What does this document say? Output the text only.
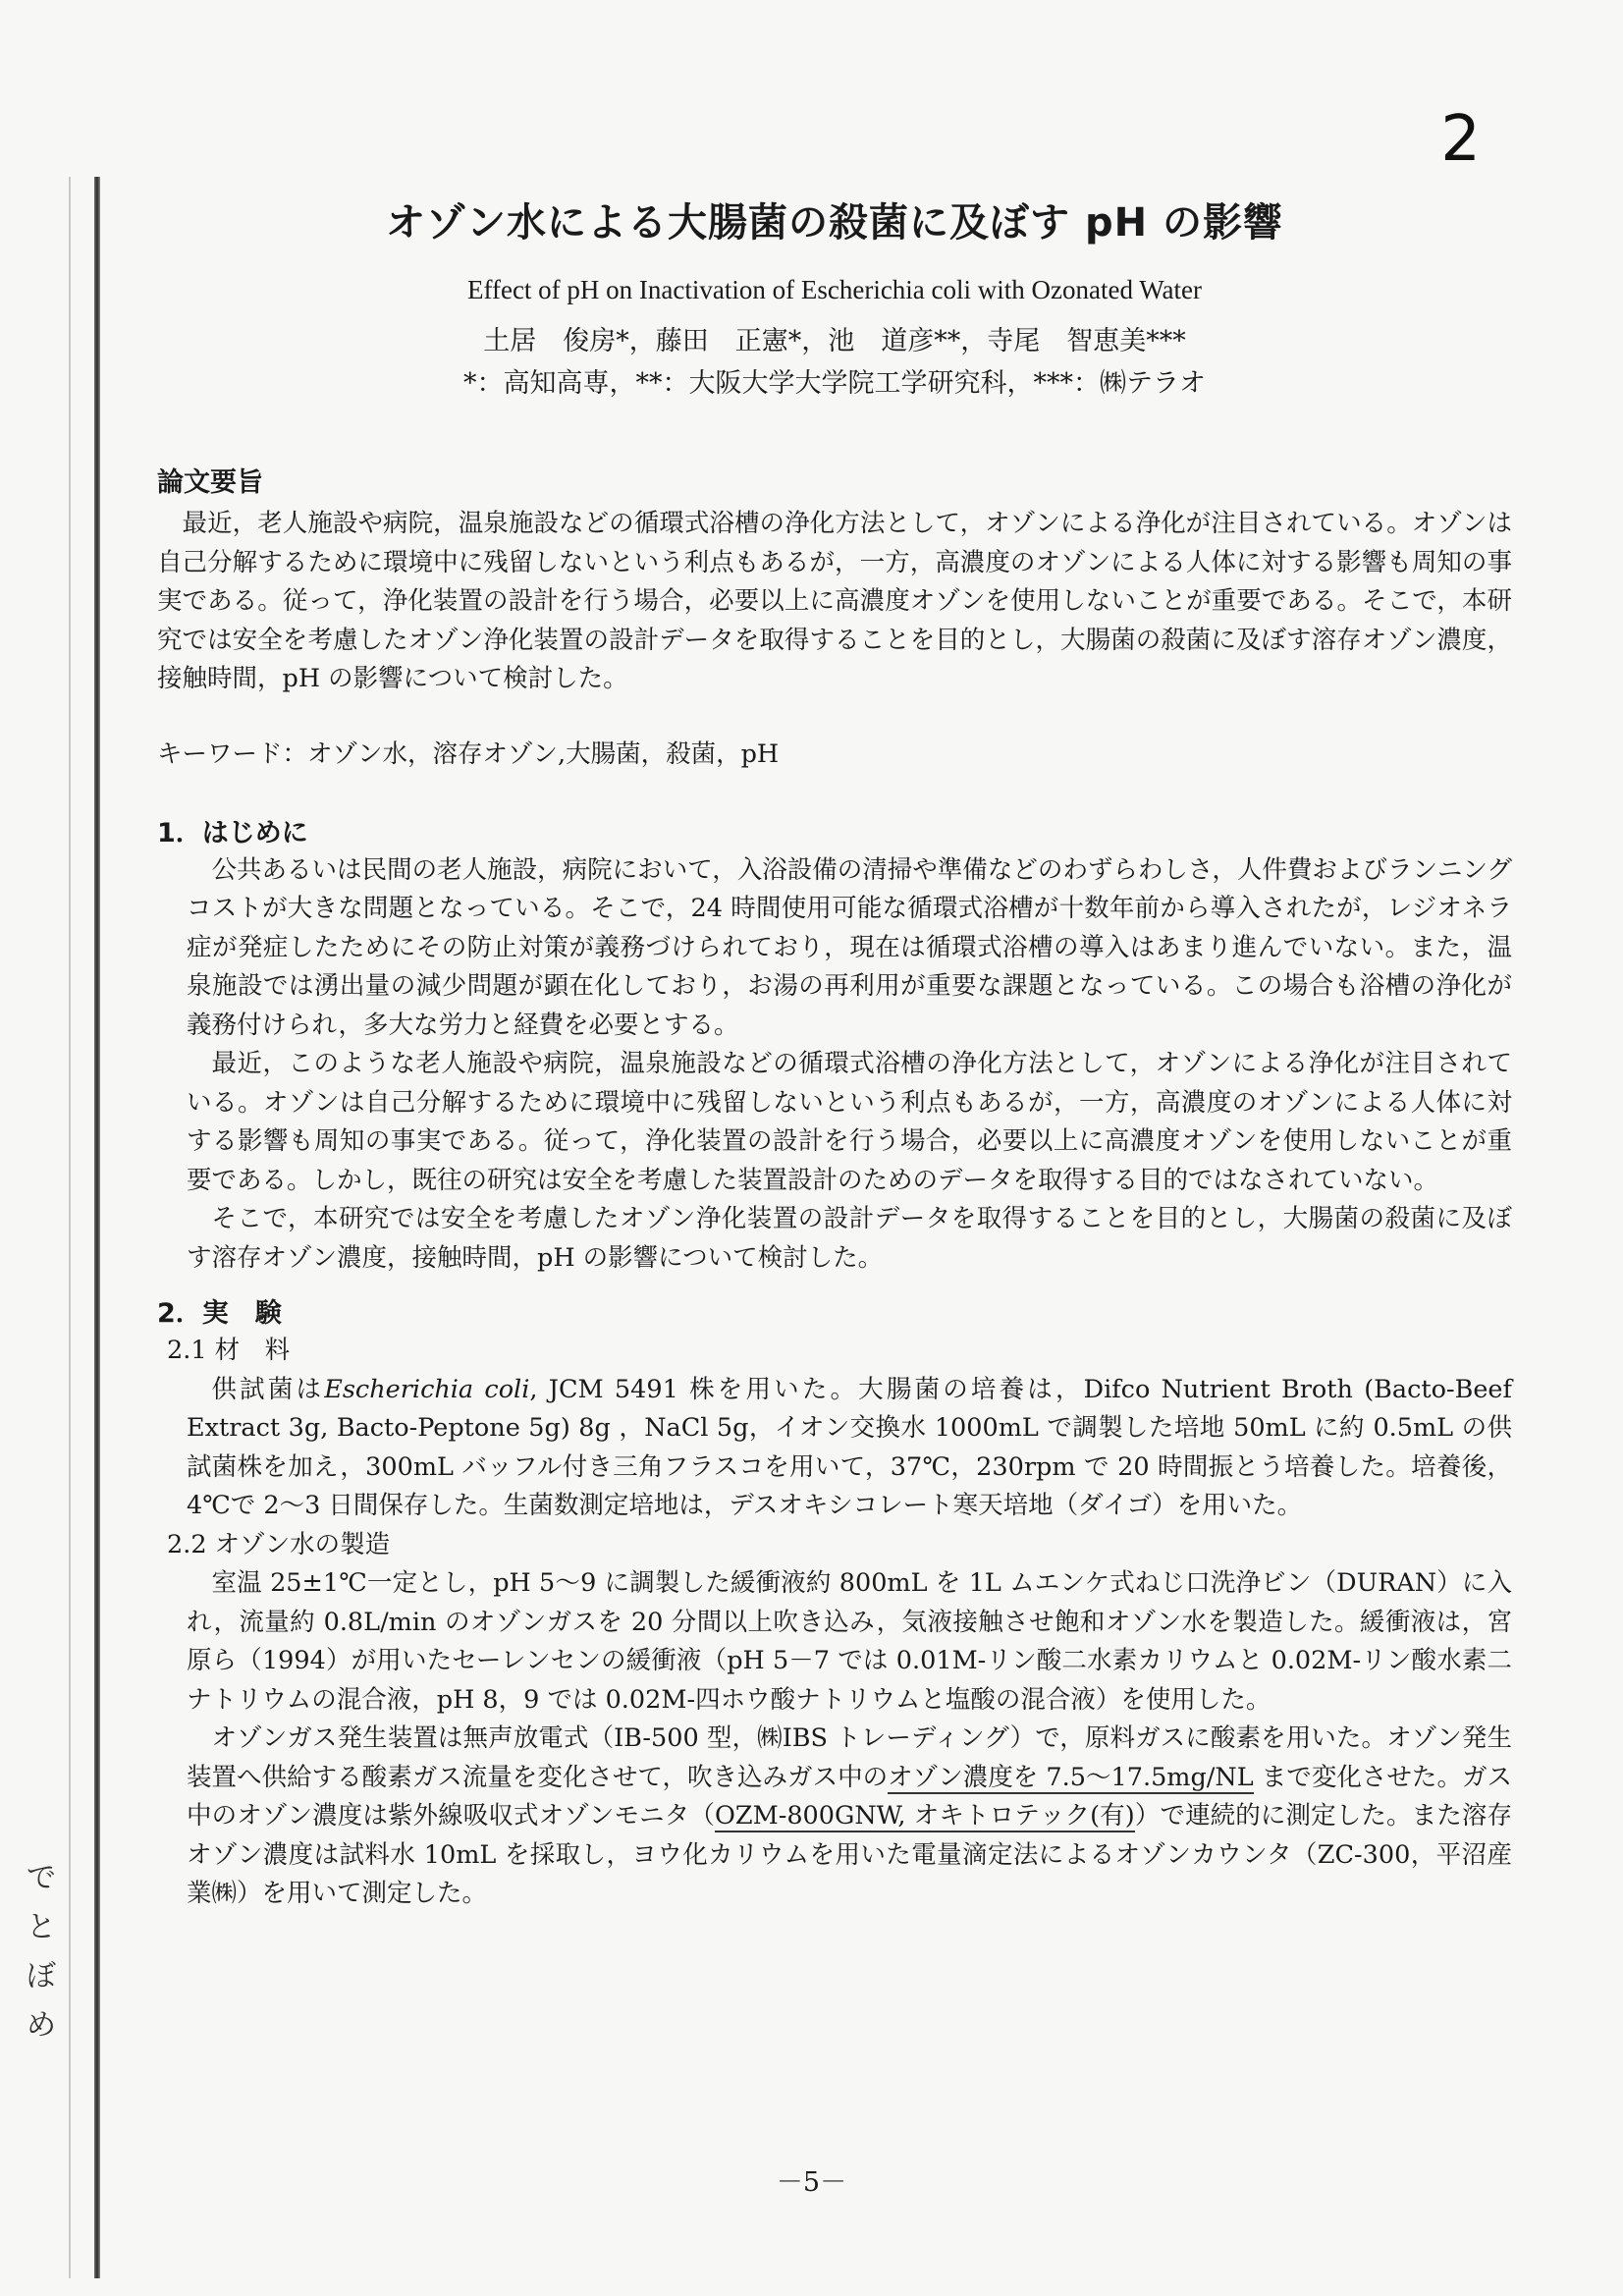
で
と
ぼ
め
2
オゾン水による大腸菌の殺菌に及ぼす pH の影響
Effect of pH on Inactivation of Escherichia coli with Ozonated Water
土居　俊房*，藤田　正憲*，池　道彦**，寺尾　智恵美***
*：高知高専，**：大阪大学大学院工学研究科，***：㈱テラオ
論文要旨

最近，老人施設や病院，温泉施設などの循環式浴槽の浄化方法として，オゾンによる浄化が注目されている。オゾンは自己分解するために環境中に残留しないという利点もあるが，一方，高濃度のオゾンによる人体に対する影響も周知の事実である。従って，浄化装置の設計を行う場合，必要以上に高濃度オゾンを使用しないことが重要である。そこで，本研究では安全を考慮したオゾン浄化装置の設計データを取得することを目的とし，大腸菌の殺菌に及ぼす溶存オゾン濃度，接触時間，pH の影響について検討した。

キーワード：オゾン水，溶存オゾン,大腸菌，殺菌，pH
1．はじめに

公共あるいは民間の老人施設，病院において，入浴設備の清掃や準備などのわずらわしさ，人件費およびランニングコストが大きな問題となっている。そこで，24 時間使用可能な循環式浴槽が十数年前から導入されたが，レジオネラ症が発症したためにその防止対策が義務づけられており，現在は循環式浴槽の導入はあまり進んでいない。また，温泉施設では湧出量の減少問題が顕在化しており，お湯の再利用が重要な課題となっている。この場合も浴槽の浄化が義務付けられ，多大な労力と経費を必要とする。

最近，このような老人施設や病院，温泉施設などの循環式浴槽の浄化方法として，オゾンによる浄化が注目されている。オゾンは自己分解するために環境中に残留しないという利点もあるが，一方，高濃度のオゾンによる人体に対する影響も周知の事実である。従って，浄化装置の設計を行う場合，必要以上に高濃度オゾンを使用しないことが重要である。しかし，既往の研究は安全を考慮した装置設計のためのデータを取得する目的ではなされていない。

そこで，本研究では安全を考慮したオゾン浄化装置の設計データを取得することを目的とし，大腸菌の殺菌に及ぼす溶存オゾン濃度，接触時間，pH の影響について検討した。

2．実　験
2.1 材　料

供試菌はEscherichia coli, JCM 5491 株を用いた。大腸菌の培養は，Difco Nutrient Broth (Bacto-Beef Extract 3g, Bacto-Peptone 5g) 8g ，NaCl 5g，イオン交換水 1000mL で調製した培地 50mL に約 0.5mL の供試菌株を加え，300mL バッフル付き三角フラスコを用いて，37℃，230rpm で 20 時間振とう培養した。培養後，4℃で 2～3 日間保存した。生菌数測定培地は，デスオキシコレート寒天培地（ダイゴ）を用いた。

2.2 オゾン水の製造

室温 25±1℃一定とし，pH 5～9 に調製した緩衝液約 800mL を 1L ムエンケ式ねじ口洗浄ビン（DURAN）に入れ，流量約 0.8L/min のオゾンガスを 20 分間以上吹き込み，気液接触させ飽和オゾン水を製造した。緩衝液は，宮原ら（1994）が用いたセーレンセンの緩衝液（pH 5－7 では 0.01M-リン酸二水素カリウムと 0.02M-リン酸水素二ナトリウムの混合液，pH 8，9 では 0.02M-四ホウ酸ナトリウムと塩酸の混合液）を使用した。

オゾンガス発生装置は無声放電式（IB-500 型，㈱IBS トレーディング）で，原料ガスに酸素を用いた。オゾン発生装置へ供給する酸素ガス流量を変化させて，吹き込みガス中のオゾン濃度を 7.5～17.5mg/NL まで変化させた。ガス中のオゾン濃度は紫外線吸収式オゾンモニタ（OZM-800GNW, オキトロテック(有)）で連続的に測定した。また溶存オゾン濃度は試料水 10mL を採取し，ヨウ化カリウムを用いた電量滴定法によるオゾンカウンタ（ZC-300，平沼産業㈱）を用いて測定した。

－5－
